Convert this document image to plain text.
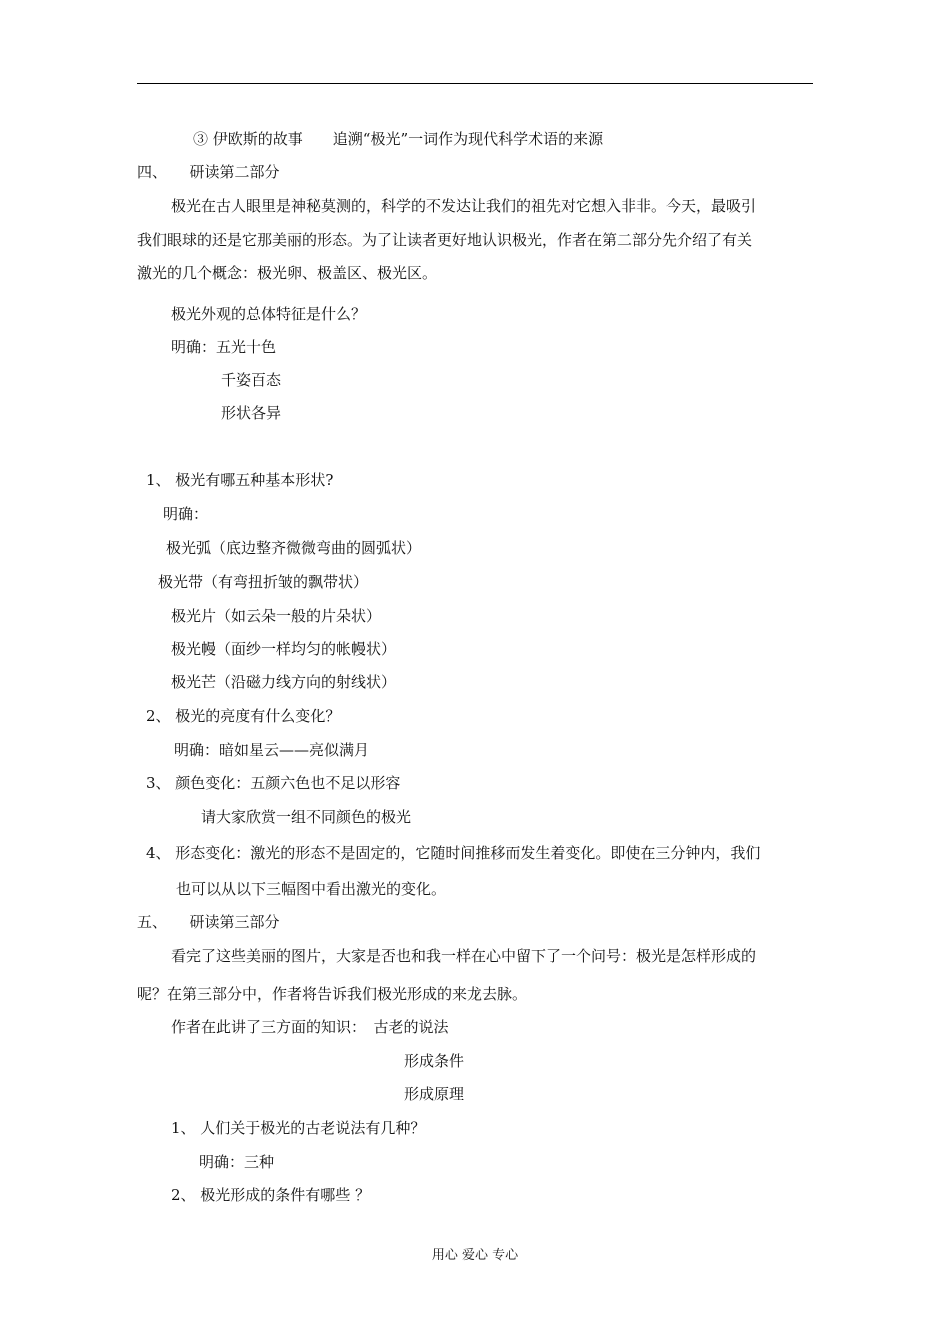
③ 伊欧斯的故事　　追溯“极光”一词作为现代科学术语的来源
四、　　研读第二部分
极光在古人眼里是神秘莫测的，科学的不发达让我们的祖先对它想入非非。今天，最吸引
我们眼球的还是它那美丽的形态。为了让读者更好地认识极光，作者在第二部分先介绍了有关
激光的几个概念：极光卵、极盖区、极光区。
极光外观的总体特征是什么？
明确：五光十色
千姿百态
形状各异
1、 极光有哪五种基本形状?
明确：
极光弧（底边整齐微微弯曲的圆弧状）
极光带（有弯扭折皱的飘带状）
极光片（如云朵一般的片朵状）
极光幔（面纱一样均匀的帐幔状）
极光芒（沿磁力线方向的射线状）
2、 极光的亮度有什么变化？
明确：暗如星云——亮似满月
3、 颜色变化：五颜六色也不足以形容
请大家欣赏一组不同颜色的极光
4、 形态变化：激光的形态不是固定的，它随时间推移而发生着变化。即使在三分钟内，我们
也可以从以下三幅图中看出激光的变化。
五、　　研读第三部分
看完了这些美丽的图片，大家是否也和我一样在心中留下了一个问号：极光是怎样形成的
呢？在第三部分中，作者将告诉我们极光形成的来龙去脉。
作者在此讲了三方面的知识：　古老的说法
形成条件
形成原理
1、 人们关于极光的古老说法有几种？
明确：三种
2、 极光形成的条件有哪些 ？
用心 爱心 专心
